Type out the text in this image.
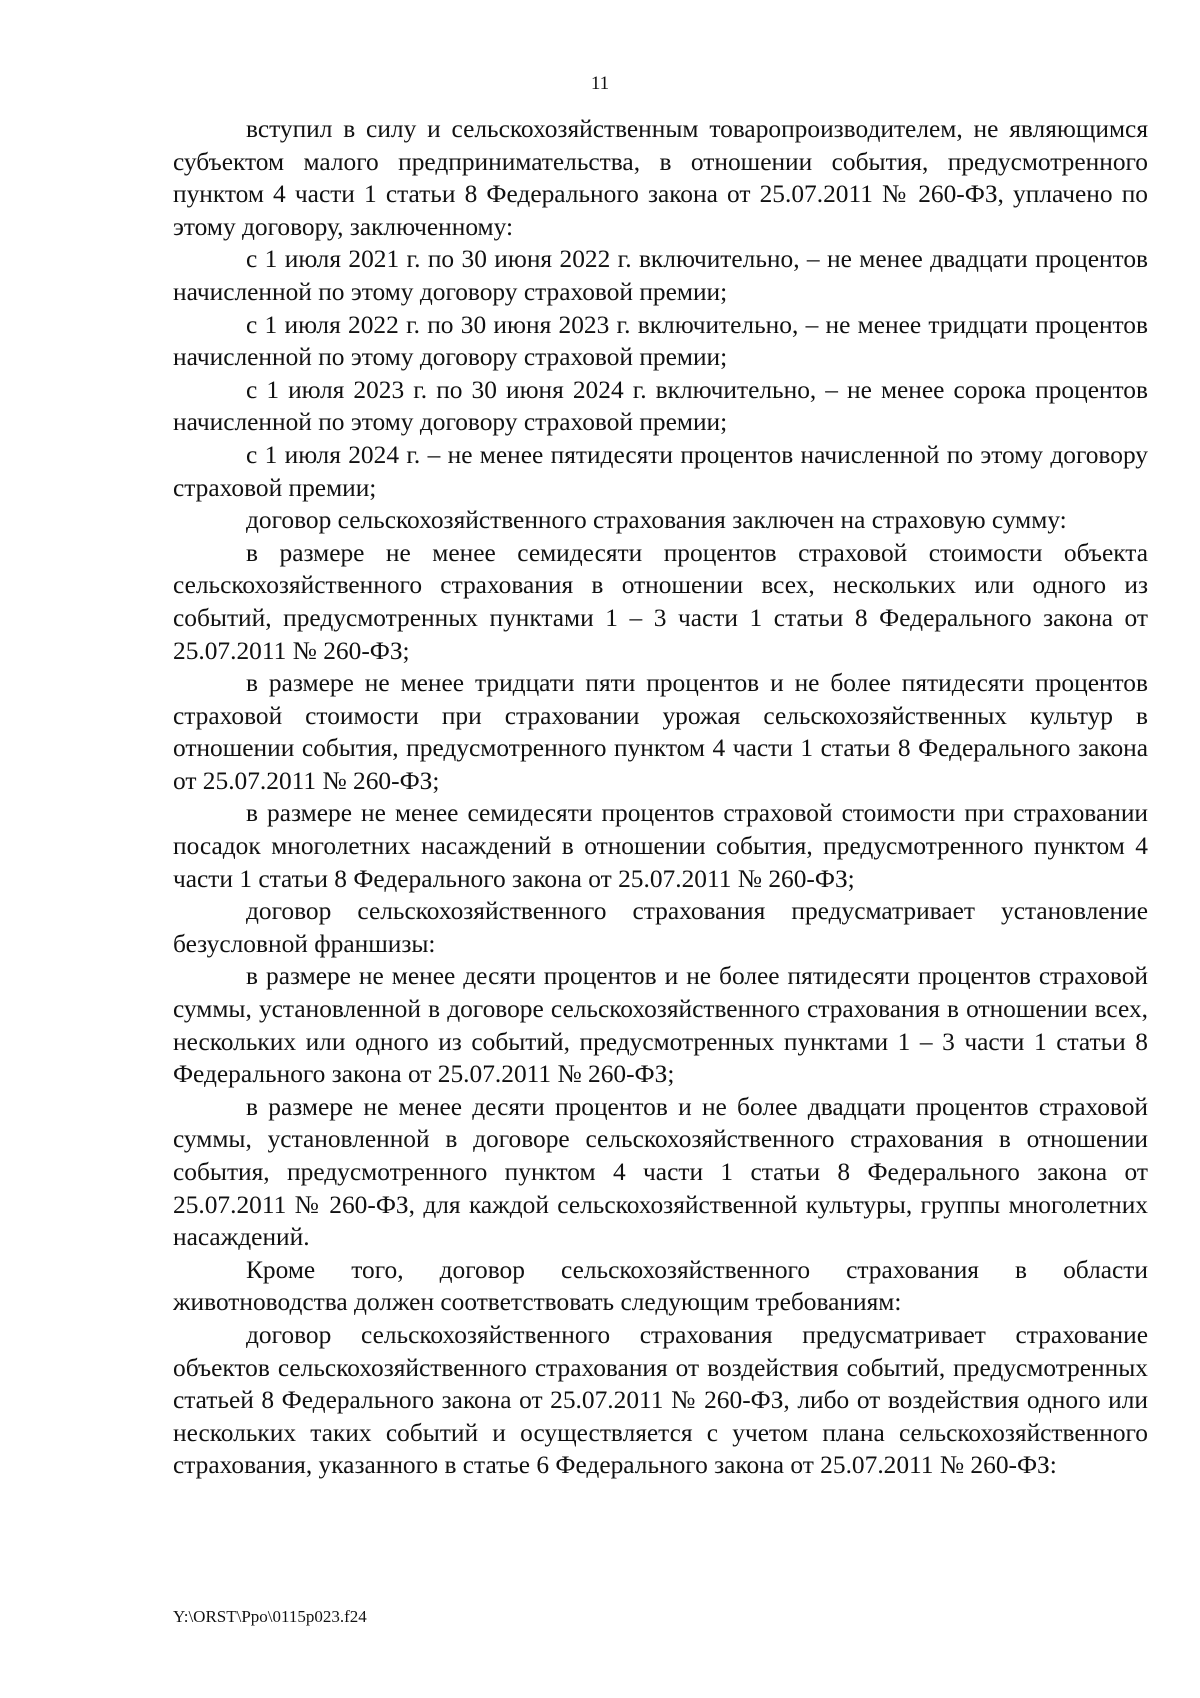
11

вступил в силу и сельскохозяйственным товаропроизводителем, не являющимся субъектом малого предпринимательства, в отношении события, предусмотренного пунктом 4 части 1 статьи 8 Федерального закона от 25.07.2011 № 260-ФЗ, уплачено по этому договору, заключенному:

с 1 июля 2021 г. по 30 июня 2022 г. включительно, – не менее двадцати процентов начисленной по этому договору страховой премии;

с 1 июля 2022 г. по 30 июня 2023 г. включительно, – не менее тридцати процентов начисленной по этому договору страховой премии;

с 1 июля 2023 г. по 30 июня 2024 г. включительно, – не менее сорока процентов начисленной по этому договору страховой премии;

с 1 июля 2024 г. – не менее пятидесяти процентов начисленной по этому договору страховой премии;

договор сельскохозяйственного страхования заключен на страховую сумму:

в размере не менее семидесяти процентов страховой стоимости объекта сельскохозяйственного страхования в отношении всех, нескольких или одного из событий, предусмотренных пунктами 1 – 3 части 1 статьи 8 Федерального закона от 25.07.2011 № 260-ФЗ;

в размере не менее тридцати пяти процентов и не более пятидесяти процентов страховой стоимости при страховании урожая сельскохозяйственных культур в отношении события, предусмотренного пунктом 4 части 1 статьи 8 Федерального закона от 25.07.2011 № 260-ФЗ;

в размере не менее семидесяти процентов страховой стоимости при страховании посадок многолетних насаждений в отношении события, предусмотренного пунктом 4 части 1 статьи 8 Федерального закона от 25.07.2011 № 260-ФЗ;

договор сельскохозяйственного страхования предусматривает установление безусловной франшизы:

в размере не менее десяти процентов и не более пятидесяти процентов страховой суммы, установленной в договоре сельскохозяйственного страхования в отношении всех, нескольких или одного из событий, предусмотренных пунктами 1 – 3 части 1 статьи 8 Федерального закона от 25.07.2011 № 260-ФЗ;

в размере не менее десяти процентов и не более двадцати процентов страховой суммы, установленной в договоре сельскохозяйственного страхования в отношении события, предусмотренного пунктом 4 части 1 статьи 8 Федерального закона от 25.07.2011 № 260-ФЗ, для каждой сельскохозяйственной культуры, группы многолетних насаждений.

Кроме того, договор сельскохозяйственного страхования в области животноводства должен соответствовать следующим требованиям:

договор сельскохозяйственного страхования предусматривает страхование объектов сельскохозяйственного страхования от воздействия событий, предусмотренных статьей 8 Федерального закона от 25.07.2011 № 260-ФЗ, либо от воздействия одного или нескольких таких событий и осуществляется с учетом плана сельскохозяйственного страхования, указанного в статье 6 Федерального закона от 25.07.2011 № 260-ФЗ:

Y:\ORST\Ppo\0115p023.f24
